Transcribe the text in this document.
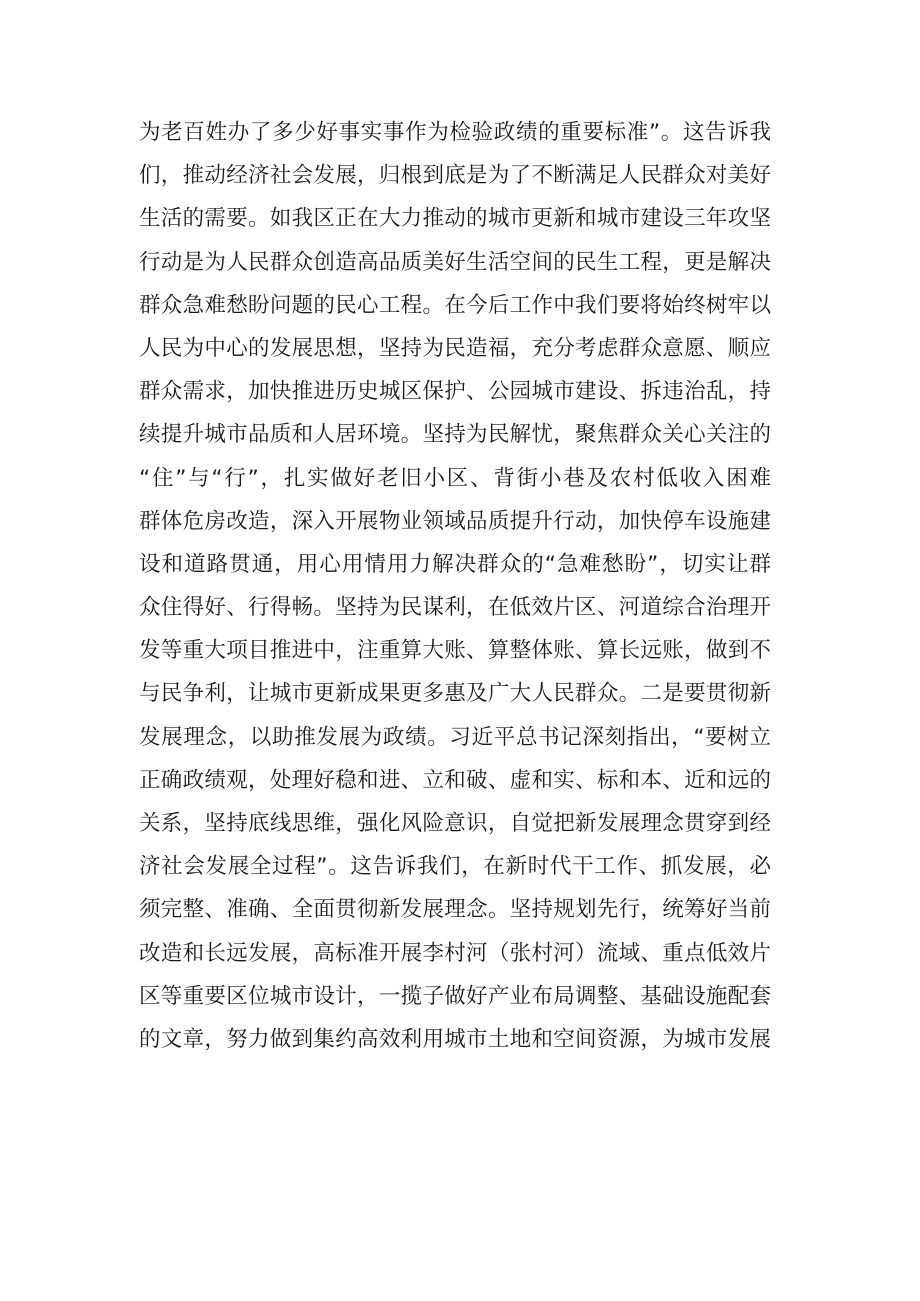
为老百姓办了多少好事实事作为检验政绩的重要标准”。这告诉我
们，推动经济社会发展，归根到底是为了不断满足人民群众对美好
生活的需要。如我区正在大力推动的城市更新和城市建设三年攻坚
行动是为人民群众创造高品质美好生活空间的民生工程，更是解决
群众急难愁盼问题的民心工程。在今后工作中我们要将始终树牢以
人民为中心的发展思想，坚持为民造福，充分考虑群众意愿、顺应
群众需求，加快推进历史城区保护、公园城市建设、拆违治乱，持
续提升城市品质和人居环境。坚持为民解忧，聚焦群众关心关注的
“住”与“行”，扎实做好老旧小区、背街小巷及农村低收入困难
群体危房改造，深入开展物业领域品质提升行动，加快停车设施建
设和道路贯通，用心用情用力解决群众的“急难愁盼”，切实让群
众住得好、行得畅。坚持为民谋利，在低效片区、河道综合治理开
发等重大项目推进中，注重算大账、算整体账、算长远账，做到不
与民争利，让城市更新成果更多惠及广大人民群众。二是要贯彻新
发展理念，以助推发展为政绩。习近平总书记深刻指出，“要树立
正确政绩观，处理好稳和进、立和破、虚和实、标和本、近和远的
关系，坚持底线思维，强化风险意识，自觉把新发展理念贯穿到经
济社会发展全过程”。这告诉我们，在新时代干工作、抓发展，必
须完整、准确、全面贯彻新发展理念。坚持规划先行，统筹好当前
改造和长远发展，高标准开展李村河（张村河）流域、重点低效片
区等重要区位城市设计，一揽子做好产业布局调整、基础设施配套
的文章，努力做到集约高效利用城市土地和空间资源，为城市发展
